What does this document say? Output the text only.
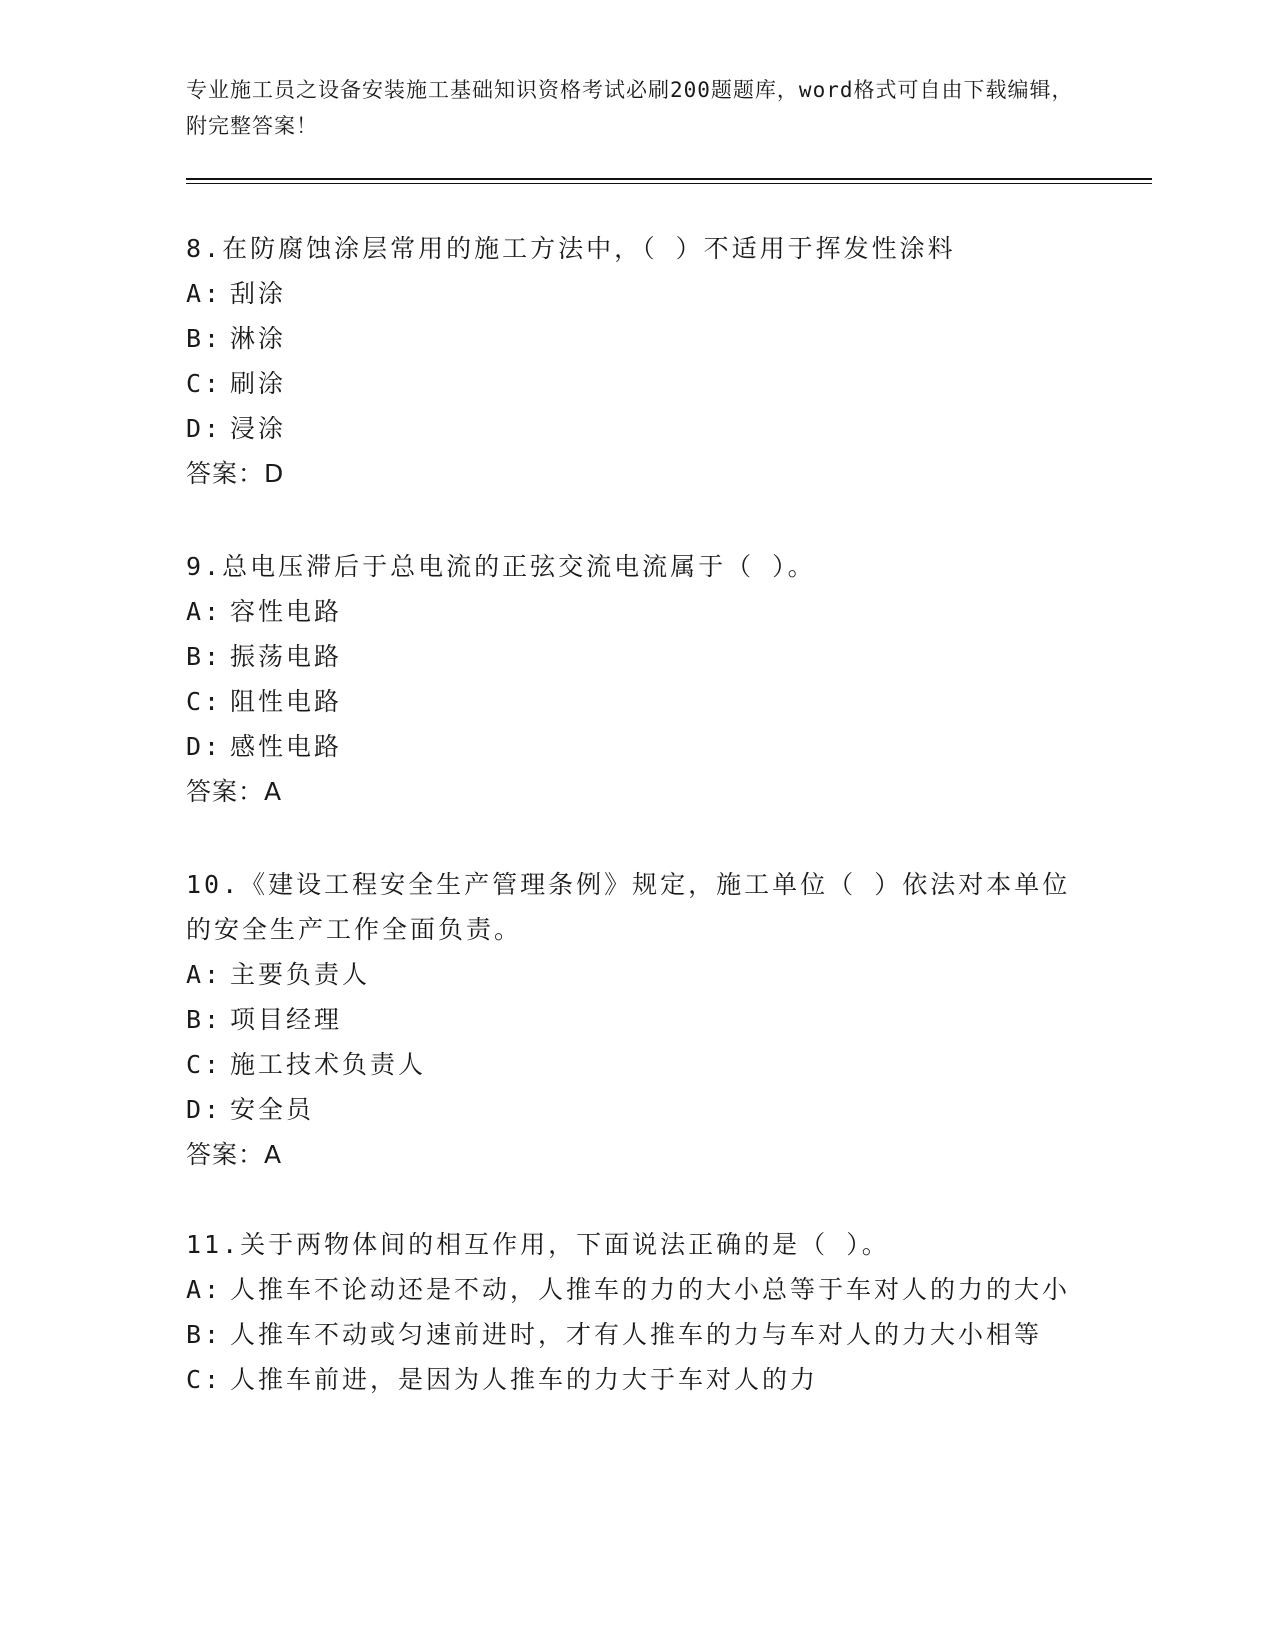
专业施工员之设备安装施工基础知识资格考试必刷200题题库，word格式可自由下载编辑，附完整答案！
8.在防腐蚀涂层常用的施工方法中，（ ）不适用于挥发性涂料
A: 刮涂
B: 淋涂
C: 刷涂
D: 浸涂
答案：D
9.总电压滞后于总电流的正弦交流电流属于（ ）。
A: 容性电路
B: 振荡电路
C: 阻性电路
D: 感性电路
答案：A
10.《建设工程安全生产管理条例》规定，施工单位（ ）依法对本单位的安全生产工作全面负责。
A: 主要负责人
B: 项目经理
C: 施工技术负责人
D: 安全员
答案：A
11.关于两物体间的相互作用，下面说法正确的是（ ）。
A: 人推车不论动还是不动，人推车的力的大小总等于车对人的力的大小
B: 人推车不动或匀速前进时，才有人推车的力与车对人的力大小相等
C: 人推车前进，是因为人推车的力大于车对人的力
